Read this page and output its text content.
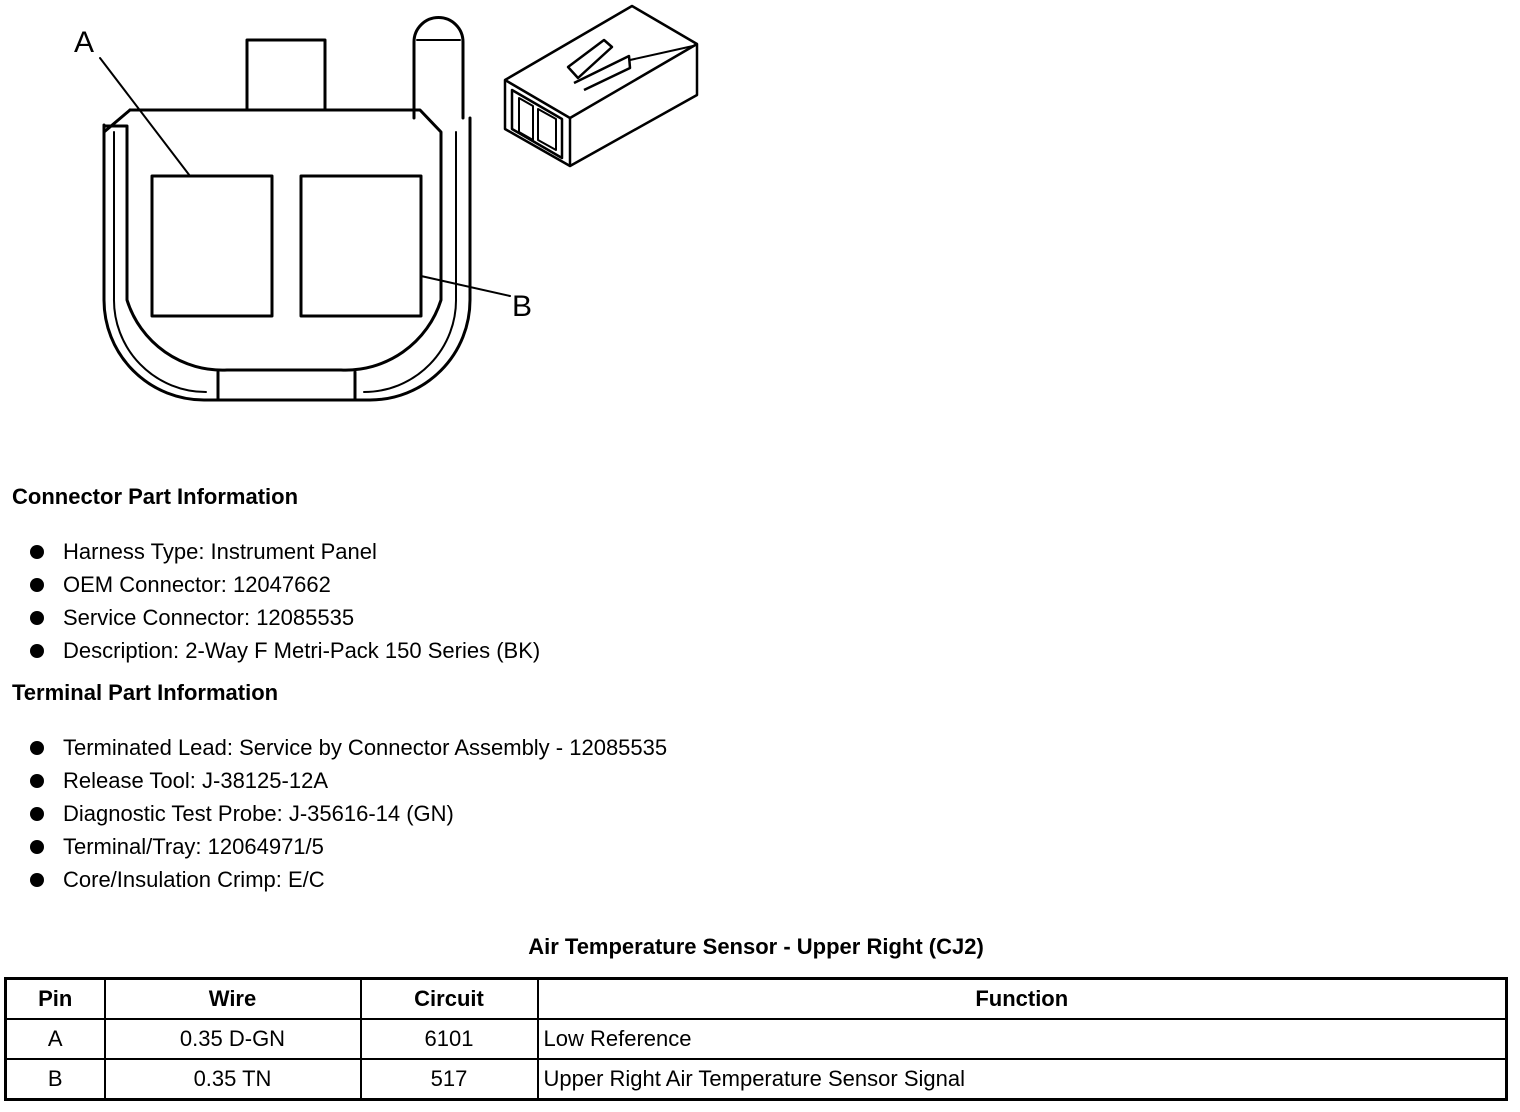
A
B
Connector Part Information
Harness Type: Instrument Panel
OEM Connector: 12047662
Service Connector: 12085535
Description: 2-Way F Metri-Pack 150 Series (BK)
Terminal Part Information
Terminated Lead: Service by Connector Assembly - 12085535
Release Tool: J-38125-12A
Diagnostic Test Probe: J-35616-14 (GN)
Terminal/Tray: 12064971/5
Core/Insulation Crimp: E/C
Air Temperature Sensor - Upper Right (CJ2)
Pin	Wire	Circuit	Function
A	0.35 D-GN	6101	Low Reference
B	0.35 TN	517	Upper Right Air Temperature Sensor Signal
